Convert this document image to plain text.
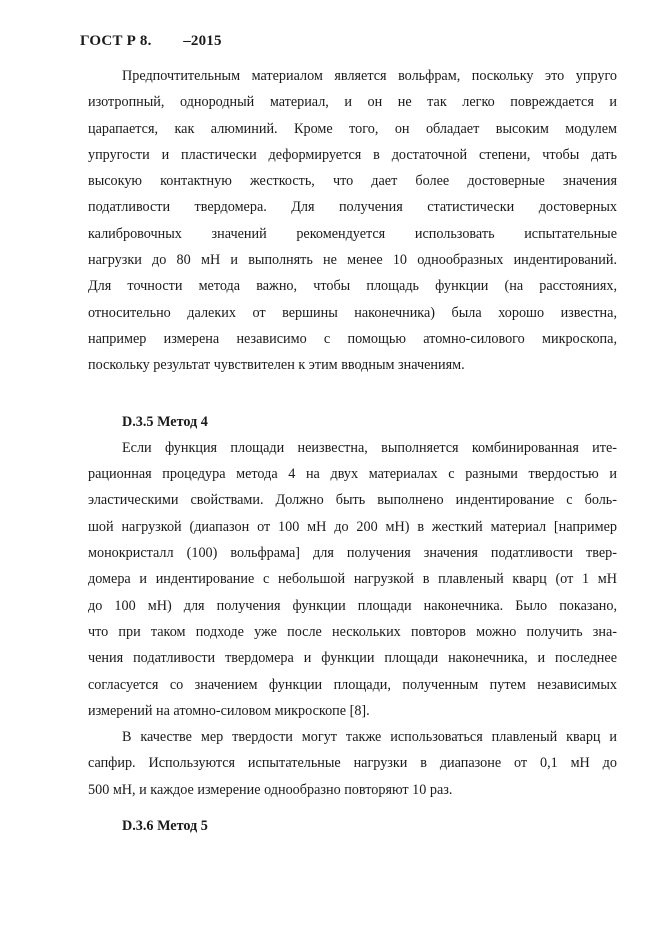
ГОСТ Р 8. –2015
Предпочтительным материалом является вольфрам, поскольку это упруго
изотропный, однородный материал, и он не так легко повреждается и
царапается, как алюминий. Кроме того, он обладает высоким модулем
упругости и пластически деформируется в достаточной степени, чтобы дать
высокую контактную жесткость, что дает более достоверные значения
податливости твердомера. Для получения статистически достоверных
калибровочных значений рекомендуется использовать испытательные
нагрузки до 80 мН и выполнять не менее 10 однообразных индентирований.
Для точности метода важно, чтобы площадь функции (на расстояниях,
относительно далеких от вершины наконечника) была хорошо известна,
например измерена независимо с помощью атомно-силового микроскопа,
поскольку результат чувствителен к этим вводным значениям.
D.3.5 Метод 4
Если функция площади неизвестна, выполняется комбинированная ите-
рационная процедура метода 4 на двух материалах с разными твердостью и
эластическими свойствами. Должно быть выполнено индентирование с боль-
шой нагрузкой (диапазон от 100 мН до 200 мН) в жесткий материал [например
монокристалл (100) вольфрама] для получения значения податливости твер-
домера и индентирование с небольшой нагрузкой в плавленый кварц (от 1 мН
до 100 мН) для получения функции площади наконечника. Было показано,
что при таком подходе уже после нескольких повторов можно получить зна-
чения податливости твердомера и функции площади наконечника, и последнее
согласуется со значением функции площади, полученным путем независимых
измерений на атомно-силовом микроскопе [8].
В качестве мер твердости могут также использоваться плавленый кварц и
сапфир. Используются испытательные нагрузки в диапазоне от 0,1 мН до
500 мН, и каждое измерение однообразно повторяют 10 раз.
D.3.6 Метод 5
